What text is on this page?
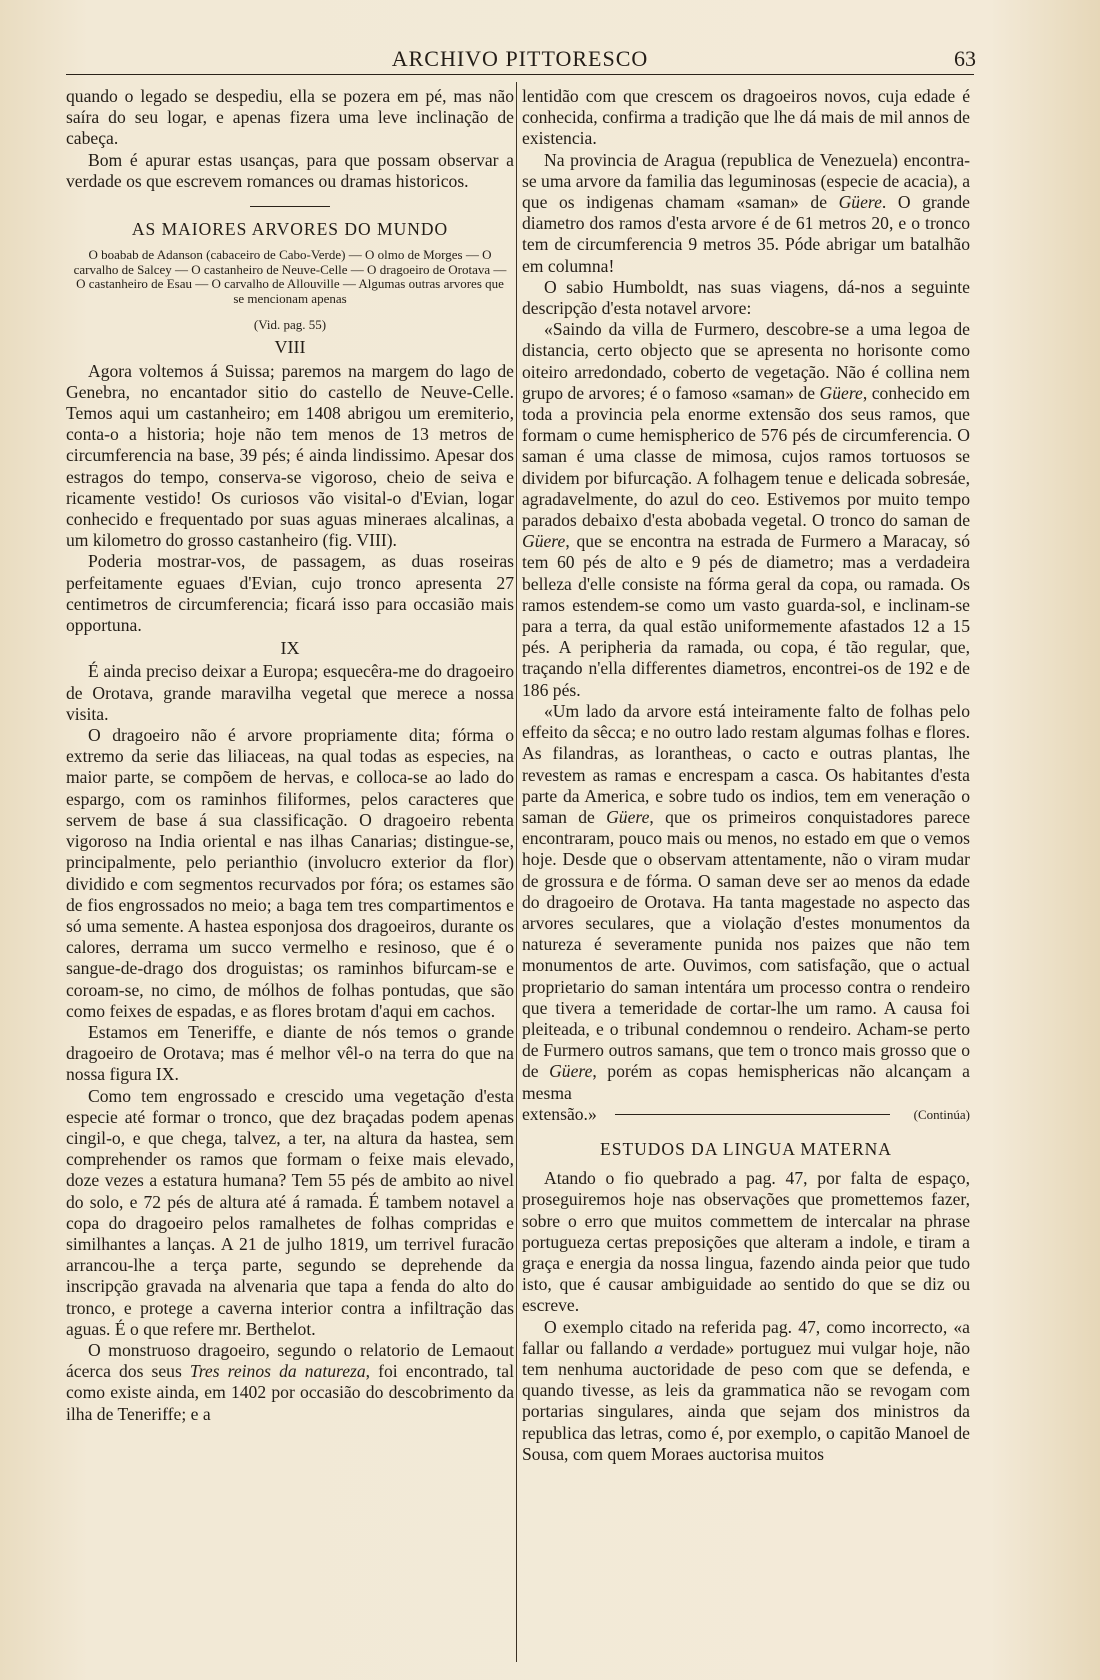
ARCHIVO PITTORESCO	63

quando o legado se despediu, ella se pozera em pé, mas não saíra do seu logar, e apenas fizera uma leve inclinação de cabeça.

Bom é apurar estas usanças, para que possam observar a verdade os que escrevem romances ou dramas historicos.

AS MAIORES ARVORES DO MUNDO
O boabab de Adanson (cabaceiro de Cabo-Verde) — O olmo de Morges — O carvalho de Salcey — O castanheiro de Neuve-Celle — O dragoeiro de Orotava — O castanheiro de Esau — O carvalho de Allouville — Algumas outras arvores que se mencionam apenas
(Vid. pag. 55)
VIII

Agora voltemos á Suissa; paremos na margem do lago de Genebra, no encantador sitio do castello de Neuve-Celle. Temos aqui um castanheiro; em 1408 abrigou um eremiterio, conta-o a historia; hoje não tem menos de 13 metros de circumferencia na base, 39 pés; é ainda lindissimo. Apesar dos estragos do tempo, conserva-se vigoroso, cheio de seiva e ricamente vestido! Os curiosos vão visital-o d'Evian, logar conhecido e frequentado por suas aguas mineraes alcalinas, a um kilometro do grosso castanheiro (fig. VIII).

Poderia mostrar-vos, de passagem, as duas roseiras perfeitamente eguaes d'Evian, cujo tronco apresenta 27 centimetros de circumferencia; ficará isso para occasião mais opportuna.

IX

É ainda preciso deixar a Europa; esquecêra-me do dragoeiro de Orotava, grande maravilha vegetal que merece a nossa visita.

O dragoeiro não é arvore propriamente dita; fórma o extremo da serie das liliaceas, na qual todas as especies, na maior parte, se compõem de hervas, e colloca-se ao lado do espargo, com os raminhos filiformes, pelos caracteres que servem de base á sua classificação. O dragoeiro rebenta vigoroso na India oriental e nas ilhas Canarias; distingue-se, principalmente, pelo perianthio (involucro exterior da flor) dividido e com segmentos recurvados por fóra; os estames são de fios engrossados no meio; a baga tem tres compartimentos e só uma semente. A hastea esponjosa dos dragoeiros, durante os calores, derrama um succo vermelho e resinoso, que é o sangue-de-drago dos droguistas; os raminhos bifurcam-se e coroam-se, no cimo, de mólhos de folhas pontudas, que são como feixes de espadas, e as flores brotam d'aqui em cachos.

Estamos em Teneriffe, e diante de nós temos o grande dragoeiro de Orotava; mas é melhor vêl-o na terra do que na nossa figura IX.

Como tem engrossado e crescido uma vegetação d'esta especie até formar o tronco, que dez braçadas podem apenas cingil-o, e que chega, talvez, a ter, na altura da hastea, sem comprehender os ramos que formam o feixe mais elevado, doze vezes a estatura humana? Tem 55 pés de ambito ao nivel do solo, e 72 pés de altura até á ramada. É tambem notavel a copa do dragoeiro pelos ramalhetes de folhas compridas e similhantes a lanças. A 21 de julho 1819, um terrivel furacão arrancou-lhe a terça parte, segundo se deprehende da inscripção gravada na alvenaria que tapa a fenda do alto do tronco, e protege a caverna interior contra a infiltração das aguas. É o que refere mr. Berthelot.

O monstruoso dragoeiro, segundo o relatorio de Lemaout ácerca dos seus Tres reinos da natureza, foi encontrado, tal como existe ainda, em 1402 por occasião do descobrimento da ilha de Teneriffe; e a

lentidão com que crescem os dragoeiros novos, cuja edade é conhecida, confirma a tradição que lhe dá mais de mil annos de existencia.

Na provincia de Aragua (republica de Venezuela) encontra-se uma arvore da familia das leguminosas (especie de acacia), a que os indigenas chamam «saman» de Güere. O grande diametro dos ramos d'esta arvore é de 61 metros 20, e o tronco tem de circumferencia 9 metros 35. Póde abrigar um batalhão em columna!

O sabio Humboldt, nas suas viagens, dá-nos a seguinte descripção d'esta notavel arvore:

«Saindo da villa de Furmero, descobre-se a uma legoa de distancia, certo objecto que se apresenta no horisonte como oiteiro arredondado, coberto de vegetação. Não é collina nem grupo de arvores; é o famoso «saman» de Güere, conhecido em toda a provincia pela enorme extensão dos seus ramos, que formam o cume hemispherico de 576 pés de circumferencia. O saman é uma classe de mimosa, cujos ramos tortuosos se dividem por bifurcação. A folhagem tenue e delicada sobresáe, agradavelmente, do azul do ceo. Estivemos por muito tempo parados debaixo d'esta abobada vegetal. O tronco do saman de Güere, que se encontra na estrada de Furmero a Maracay, só tem 60 pés de alto e 9 pés de diametro; mas a verdadeira belleza d'elle consiste na fórma geral da copa, ou ramada. Os ramos estendem-se como um vasto guarda-sol, e inclinam-se para a terra, da qual estão uniformemente afastados 12 a 15 pés. A peripheria da ramada, ou copa, é tão regular, que, traçando n'ella differentes diametros, encontrei-os de 192 e de 186 pés.

«Um lado da arvore está inteiramente falto de folhas pelo effeito da sêcca; e no outro lado restam algumas folhas e flores. As filandras, as lorantheas, o cacto e outras plantas, lhe revestem as ramas e encrespam a casca. Os habitantes d'esta parte da America, e sobre tudo os indios, tem em veneração o saman de Güere, que os primeiros conquistadores parece encontraram, pouco mais ou menos, no estado em que o vemos hoje. Desde que o observam attentamente, não o viram mudar de grossura e de fórma. O saman deve ser ao menos da edade do dragoeiro de Orotava. Ha tanta magestade no aspecto das arvores seculares, que a violação d'estes monumentos da natureza é severamente punida nos paizes que não tem monumentos de arte. Ouvimos, com satisfação, que o actual proprietario do saman intentára um processo contra o rendeiro que tivera a temeridade de cortar-lhe um ramo. A causa foi pleiteada, e o tribunal condemnou o rendeiro. Acham-se perto de Furmero outros samans, que tem o tronco mais grosso que o de Güere, porém as copas hemisphericas não alcançam a mesma

extensão.»	(Continúa)
ESTUDOS DA LINGUA MATERNA

Atando o fio quebrado a pag. 47, por falta de espaço, proseguiremos hoje nas observações que promettemos fazer, sobre o erro que muitos commettem de intercalar na phrase portugueza certas preposições que alteram a indole, e tiram a graça e energia da nossa lingua, fazendo ainda peior que tudo isto, que é causar ambiguidade ao sentido do que se diz ou escreve.

O exemplo citado na referida pag. 47, como incorrecto, «a fallar ou fallando a verdade» portuguez mui vulgar hoje, não tem nenhuma auctoridade de peso com que se defenda, e quando tivesse, as leis da grammatica não se revogam com portarias singulares, ainda que sejam dos ministros da republica das letras, como é, por exemplo, o capitão Manoel de Sousa, com quem Moraes auctorisa muitos
